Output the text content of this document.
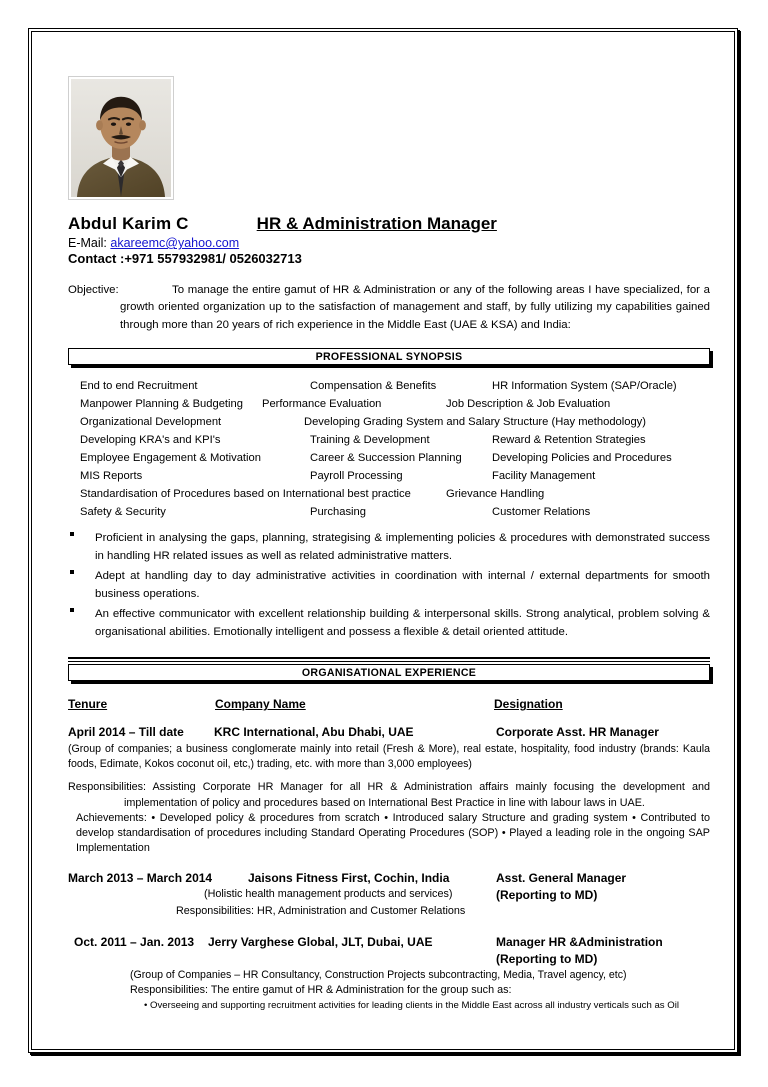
Abdul Karim C	HR & Administration Manager
E-Mail: akareemc@yahoo.com
Contact :+971 557932981/ 0526032713
Objective:	To manage the entire gamut of HR & Administration or any of the following areas I have specialized, for a growth oriented organization up to the satisfaction of management and staff, by fully utilizing my capabilities gained through more than 20 years of rich experience in the Middle East (UAE & KSA) and India:
PROFESSIONAL SYNOPSIS
End to end Recruitment	Compensation & Benefits	HR Information System (SAP/Oracle)
Manpower Planning & Budgeting Performance Evaluation	Job Description & Job Evaluation
Organizational Development	Developing Grading System and Salary Structure (Hay methodology)
Developing KRA's and KPI's	Training & Development	Reward & Retention Strategies
Employee Engagement & Motivation	Career & Succession Planning	Developing Policies and Procedures
MIS Reports	Payroll Processing	Facility Management
Standardisation of Procedures based on International best practice	Grievance Handling
Safety & Security	Purchasing	Customer Relations
Proficient in analysing the gaps, planning, strategising & implementing policies & procedures with demonstrated success in handling HR related issues as well as related administrative matters.
Adept at handling day to day administrative activities in coordination with internal / external departments for smooth business operations.
An effective communicator with excellent relationship building & interpersonal skills. Strong analytical, problem solving & organisational abilities. Emotionally intelligent and possess a flexible & detail oriented attitude.
ORGANISATIONAL EXPERIENCE
Tenure	Company Name	Designation
April 2014 – Till date	KRC International, Abu Dhabi, UAE	Corporate Asst. HR Manager
(Group of companies; a business conglomerate mainly into retail (Fresh & More), real estate, hospitality, food industry (brands: Kaula foods, Edimate, Kokos coconut oil, etc,) trading, etc. with more than 3,000 employees)
Responsibilities: Assisting Corporate HR Manager for all HR & Administration affairs mainly focusing the development and implementation of policy and procedures based on International Best Practice in line with labour laws in UAE.
Achievements: • Developed policy & procedures from scratch • Introduced salary Structure and grading system • Contributed to develop standardisation of procedures including Standard Operating Procedures (SOP) • Played a leading role in the ongoing SAP Implementation
March 2013 – March 2014	Jaisons Fitness First, Cochin, India	Asst. General Manager
(Holistic health management products and services)	(Reporting to MD)
Responsibilities: HR, Administration and Customer Relations
Oct. 2011 – Jan. 2013 Jerry Varghese Global, JLT, Dubai, UAE	Manager HR &Administration
(Reporting to MD)
(Group of Companies – HR Consultancy, Construction Projects subcontracting, Media, Travel agency, etc)
Responsibilities: The entire gamut of HR & Administration for the group such as:
• Overseeing and supporting recruitment activities for leading clients in the Middle East across all industry verticals such as Oil
